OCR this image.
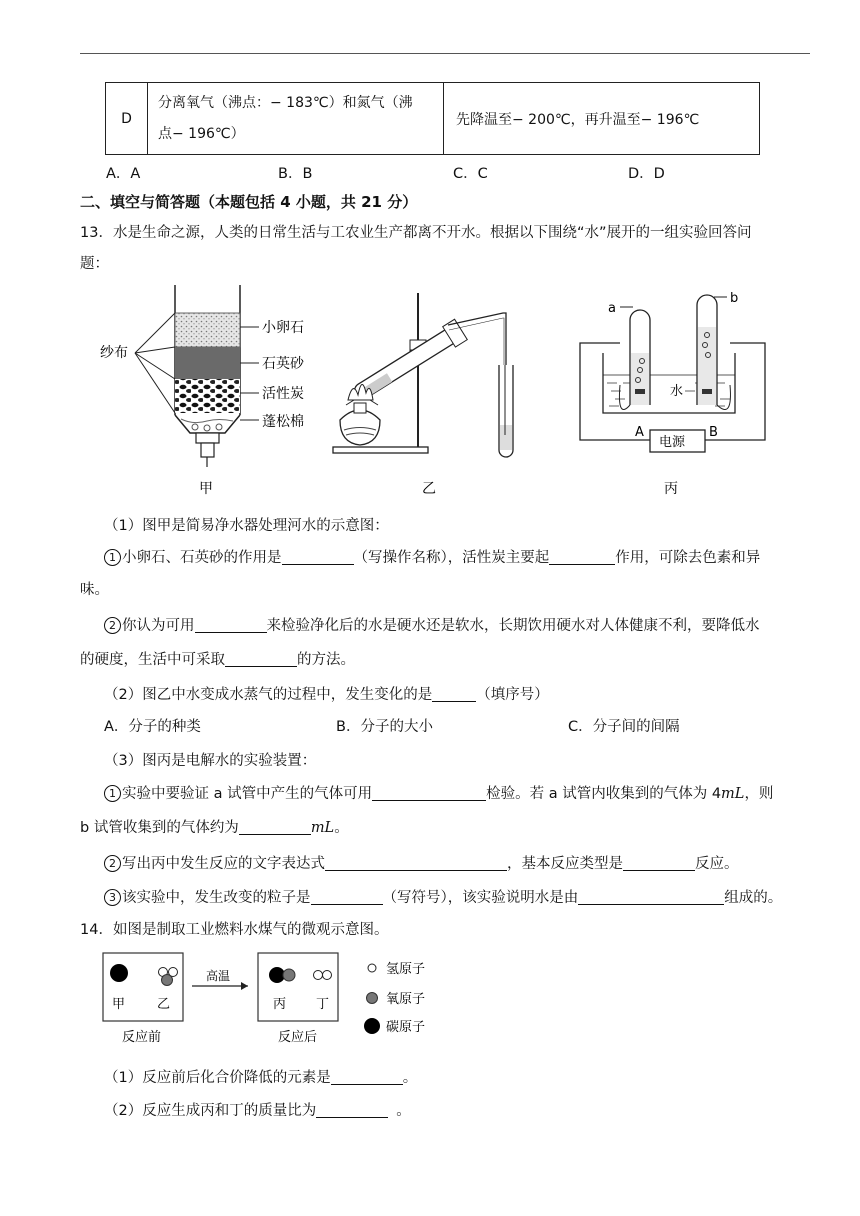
D	
分离氧气（沸点：− 183℃）和氮气（沸
点− 196℃）
	先降温至− 200℃，再升温至− 196℃
A．A	B．B	C．C	D．D
二、填空与简答题（本题包括 4 小题，共 21 分）
13．水是生命之源，人类的日常生活与工农业生产都离不开水。根据以下围绕“水”展开的一组实验回答问
题：
纱布
小卵石
石英砂
活性炭
蓬松棉
甲	乙
电源
A	B
水
a
b
丙
（1）图甲是简易净水器处理河水的示意图：
1 小卵石、石英砂的作用是	（写操作名称），活性炭主要起	作用，可除去色素和异
味。
2 你认为可用	来检验净化后的水是硬水还是软水，长期饮用硬水对人体健康不利，要降低水
的硬度，生活中可采取	的方法。
（2）图乙中水变成水蒸气的过程中，发生变化的是	（填序号）
A．分子的种类	B．分子的大小	C．分子间的间隔
（3）图丙是电解水的实验装置：
1 实验中要验证 a 试管中产生的气体可用	检验。若 a 试管内收集到的气体为 4mL，则
b 试管收集到的气体约为	mL。
2 写出丙中发生反应的文字表达式	，基本反应类型是	反应。
3 该实验中，发生改变的粒子是	（写符号），该实验说明水是由	组成的。
14．如图是制取工业燃料水煤气的微观示意图。
甲 乙
反应前
高温
丙 丁
反应后
氢原子
氧原子
碳原子
（1）反应前后化合价降低的元素是	。
（2）反应生成丙和丁的质量比为	。
